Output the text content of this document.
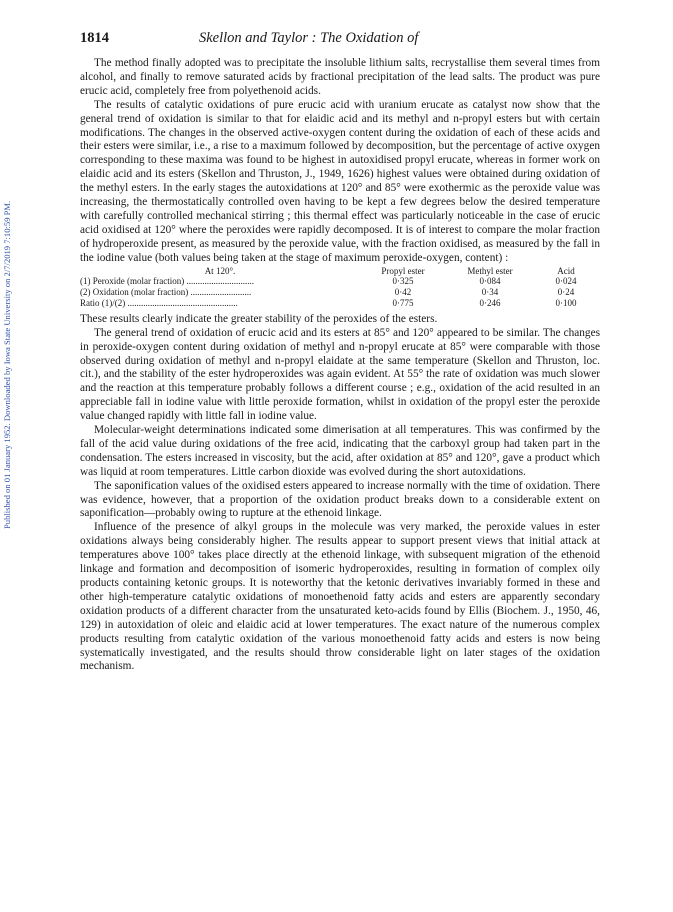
Published on 01 January 1952. Downloaded by Iowa State University on 2/7/2019 7:10:59 PM.
1814	Skellon and Taylor : The Oxidation of

The method finally adopted was to precipitate the insoluble lithium salts, recrystallise them several times from alcohol, and finally to remove saturated acids by fractional precipitation of the lead salts. The product was pure erucic acid, completely free from polyethenoid acids.

The results of catalytic oxidations of pure erucic acid with uranium erucate as catalyst now show that the general trend of oxidation is similar to that for elaidic acid and its methyl and n-propyl esters but with certain modifications. The changes in the observed active-oxygen content during the oxidation of each of these acids and their esters were similar, i.e., a rise to a maximum followed by decomposition, but the percentage of active oxygen corresponding to these maxima was found to be highest in autoxidised propyl erucate, whereas in former work on elaidic acid and its esters (Skellon and Thruston, J., 1949, 1626) highest values were obtained during oxidation of the methyl esters. In the early stages the autoxidations at 120° and 85° were exothermic as the peroxide value was increasing, the thermostatically controlled oven having to be kept a few degrees below the desired temperature with carefully controlled mechanical stirring ; this thermal effect was particularly noticeable in the case of erucic acid oxidised at 120° where the peroxides were rapidly decomposed. It is of interest to compare the molar fraction of hydroperoxide present, as measured by the peroxide value, with the fraction oxidised, as measured by the fall in the iodine value (both values being taken at the stage of maximum peroxide-oxygen, content) :

At 120°.	Propyl ester	Methyl ester	Acid
(1) Peroxide (molar fraction) ..............................	0·325	0·084	0·024
(2) Oxidation (molar fraction) ...........................	0·42	0·34	0·24
Ratio (1)/(2) .................................................	0·775	0·246	0·100

These results clearly indicate the greater stability of the peroxides of the esters.

The general trend of oxidation of erucic acid and its esters at 85° and 120° appeared to be similar. The changes in peroxide-oxygen content during oxidation of methyl and n-propyl erucate at 85° were comparable with those observed during oxidation of methyl and n-propyl elaidate at the same temperature (Skellon and Thruston, loc. cit.), and the stability of the ester hydroperoxides was again evident. At 55° the rate of oxidation was much slower and the reaction at this temperature probably follows a different course ; e.g., oxidation of the acid resulted in an appreciable fall in iodine value with little peroxide formation, whilst in oxidation of the propyl ester the peroxide value changed rapidly with little fall in iodine value.

Molecular-weight determinations indicated some dimerisation at all temperatures. This was confirmed by the fall of the acid value during oxidations of the free acid, indicating that the carboxyl group had taken part in the condensation. The esters increased in viscosity, but the acid, after oxidation at 85° and 120°, gave a product which was liquid at room temperatures. Little carbon dioxide was evolved during the short autoxidations.

The saponification values of the oxidised esters appeared to increase normally with the time of oxidation. There was evidence, however, that a proportion of the oxidation product breaks down to a considerable extent on saponification—probably owing to rupture at the ethenoid linkage.

Influence of the presence of alkyl groups in the molecule was very marked, the peroxide values in ester oxidations always being considerably higher. The results appear to support present views that initial attack at temperatures above 100° takes place directly at the ethenoid linkage, with subsequent migration of the ethenoid linkage and formation and decomposition of isomeric hydroperoxides, resulting in formation of complex oily products containing ketonic groups. It is noteworthy that the ketonic derivatives invariably formed in these and other high-temperature catalytic oxidations of monoethenoid fatty acids and esters are apparently secondary oxidation products of a different character from the unsaturated keto-acids found by Ellis (Biochem. J., 1950, 46, 129) in autoxidation of oleic and elaidic acid at lower temperatures. The exact nature of the numerous complex products resulting from catalytic oxidation of the various monoethenoid fatty acids and esters is now being systematically investigated, and the results should throw considerable light on later stages of the oxidation mechanism.
